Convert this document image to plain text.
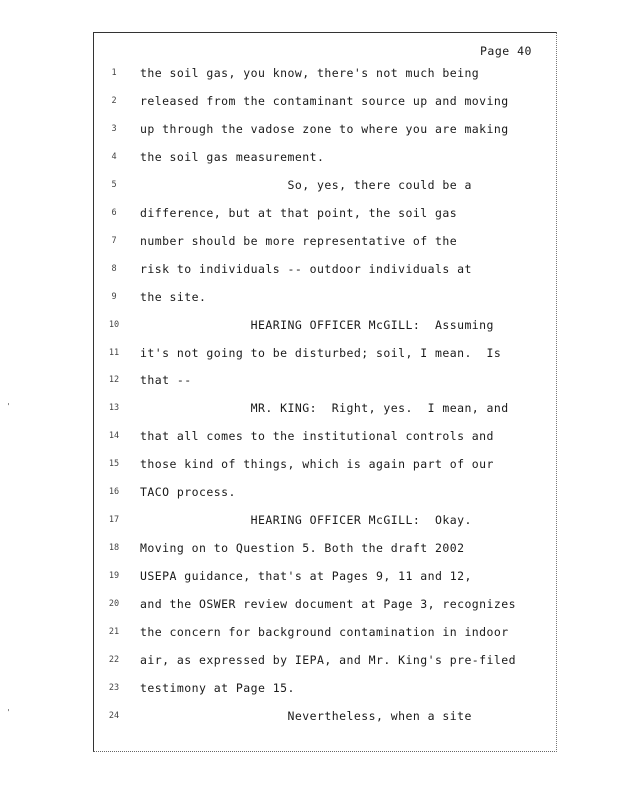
Page 40
1	the soil gas, you know, there's not much being
2	released from the contaminant source up and moving
3	up through the vadose zone to where you are making
4	the soil gas measurement.
5	So, yes, there could be a
6	difference, but at that point, the soil gas
7	number should be more representative of the
8	risk to individuals -- outdoor individuals at
9	the site.
10	HEARING OFFICER McGILL:  Assuming
11	it's not going to be disturbed; soil, I mean.  Is
12	that --
13	MR. KING:  Right, yes.  I mean, and
14	that all comes to the institutional controls and
15	those kind of things, which is again part of our
16	TACO process.
17	HEARING OFFICER McGILL:  Okay.
18	Moving on to Question 5. Both the draft 2002
19	USEPA guidance, that's at Pages 9, 11 and 12,
20	and the OSWER review document at Page 3, recognizes
21	the concern for background contamination in indoor
22	air, as expressed by IEPA, and Mr. King's pre-filed
23	testimony at Page 15.
24	Nevertheless, when a site
'
'
